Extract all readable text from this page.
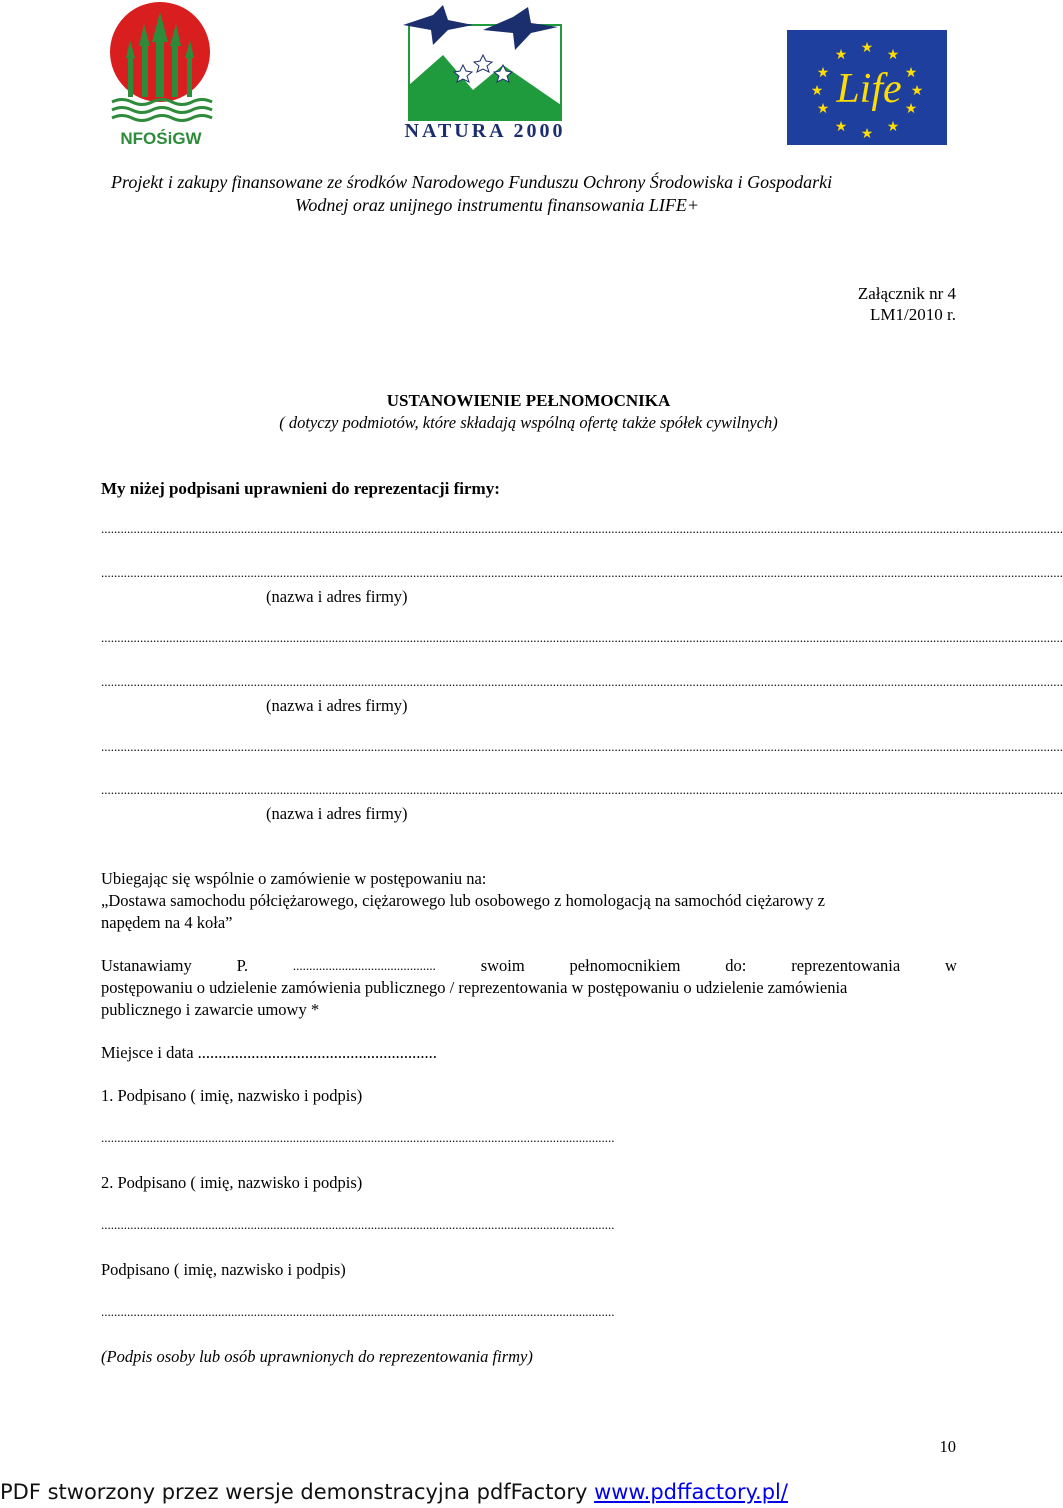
NFOŚiGW	NATURA 2000
★ ★
★
★
★
★
★
★
★
★
★
★
Life
Projekt i zakupy finansowane ze środków Narodowego Funduszu Ochrony Środowiska i Gospodarki
Wodnej oraz unijnego instrumentu finansowania LIFE+
Załącznik nr 4
LM1/2010 r.
USTANOWIENIE PEŁNOMOCNIKA
( dotyczy podmiotów, które składają wspólną ofertę także spółek cywilnych)
My niżej podpisani uprawnieni do reprezentacji firmy:
........................................................................................................................................................................................................................................................................................................
........................................................................................................................................................................................................................................................................................................
(nazwa i adres firmy)
........................................................................................................................................................................................................................................................................................................
........................................................................................................................................................................................................................................................................................................
(nazwa i adres firmy)
........................................................................................................................................................................................................................................................................................................
........................................................................................................................................................................................................................................................................................................
(nazwa i adres firmy)
Ubiegając się wspólnie o zamówienie w postępowaniu na:
„Dostawa samochodu półciężarowego, ciężarowego lub osobowego z homologacją na samochód ciężarowy z
napędem na 4 koła”
Ustanawiamy	P.	............................................	swoim	pełnomocnikiem	do:	reprezentowania	w
postępowaniu o udzielenie zamówienia publicznego / reprezentowania w postępowaniu o udzielenie zamówienia
publicznego i zawarcie umowy *
Miejsce i data ..........................................................
1. Podpisano ( imię, nazwisko i podpis)
..............................................................................................................................................................
2. Podpisano ( imię, nazwisko i podpis)
..............................................................................................................................................................
Podpisano ( imię, nazwisko i podpis)
..............................................................................................................................................................
(Podpis osoby lub osób uprawnionych do reprezentowania firmy)
10
PDF stworzony przez wersje demonstracyjna pdfFactory www.pdffactory.pl/
